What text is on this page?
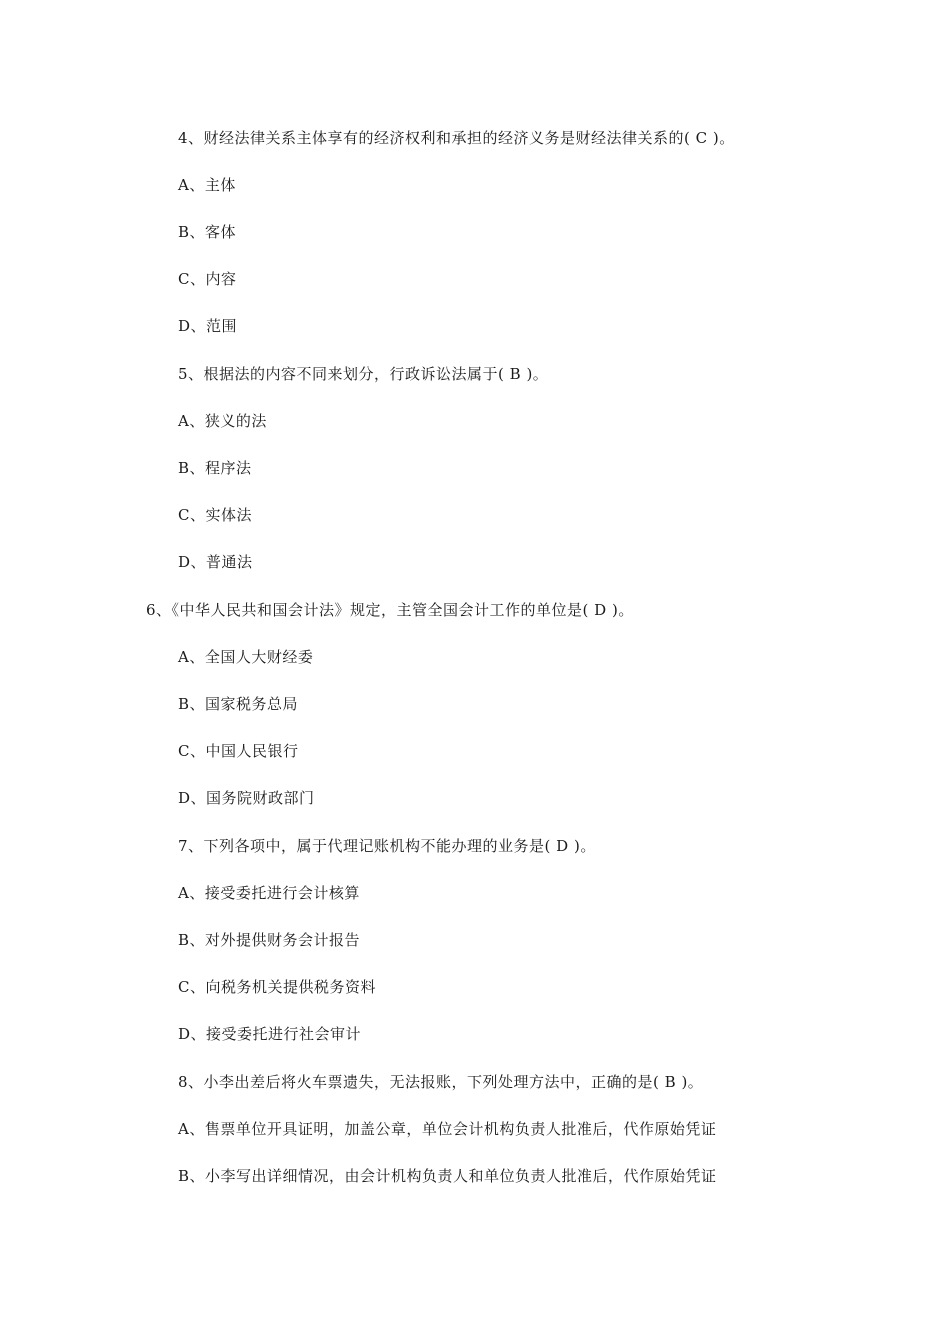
4、财经法律关系主体享有的经济权利和承担的经济义务是财经法律关系的( C )。
A、主体
B、客体
C、内容
D、范围
5、根据法的内容不同来划分，行政诉讼法属于( B )。
A、狭义的法
B、程序法
C、实体法
D、普通法
6、《中华人民共和国会计法》规定，主管全国会计工作的单位是( D )。
A、全国人大财经委
B、国家税务总局
C、中国人民银行
D、国务院财政部门
7、下列各项中，属于代理记账机构不能办理的业务是( D )。
A、接受委托进行会计核算
B、对外提供财务会计报告
C、向税务机关提供税务资料
D、接受委托进行社会审计
8、小李出差后将火车票遗失，无法报账，下列处理方法中，正确的是( B )。
A、售票单位开具证明，加盖公章，单位会计机构负责人批准后，代作原始凭证
B、小李写出详细情况，由会计机构负责人和单位负责人批准后，代作原始凭证
